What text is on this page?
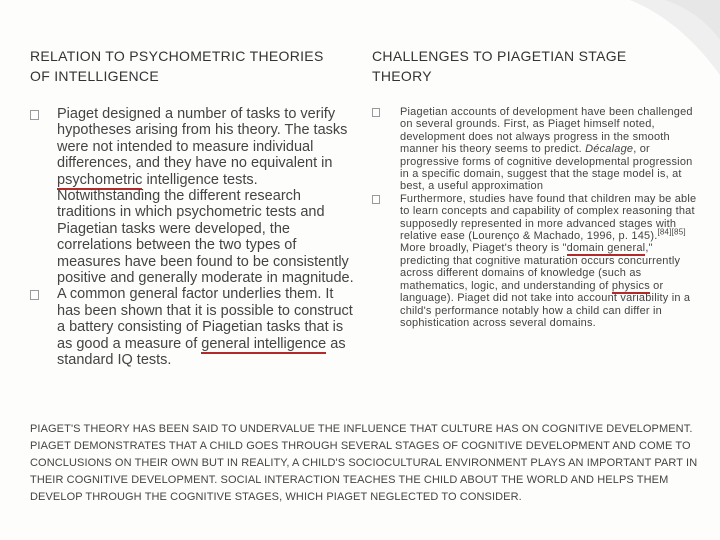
RELATION TO PSYCHOMETRIC THEORIES
OF INTELLIGENCE
Piaget designed a number of tasks to verify hypotheses arising from his theory. The tasks were not intended to measure individual differences, and they have no equivalent in psychometric intelligence tests. Notwithstanding the different research traditions in which psychometric tests and Piagetian tasks were developed, the correlations between the two types of measures have been found to be consistently positive and generally moderate in magnitude.
A common general factor underlies them. It has been shown that it is possible to construct a battery consisting of Piagetian tasks that is as good a measure of general intelligence as standard IQ tests.
CHALLENGES TO PIAGETIAN STAGE
THEORY
Piagetian accounts of development have been challenged on several grounds. First, as Piaget himself noted, development does not always progress in the smooth manner his theory seems to predict. Décalage, or progressive forms of cognitive developmental progression in a specific domain, suggest that the stage model is, at best, a useful approximation
Furthermore, studies have found that children may be able to learn concepts and capability of complex reasoning that supposedly represented in more advanced stages with relative ease (Lourenço & Machado, 1996, p. 145).[84][85] More broadly, Piaget's theory is "domain general," predicting that cognitive maturation occurs concurrently across different domains of knowledge (such as mathematics, logic, and understanding of physics or language). Piaget did not take into account variability in a child's performance notably how a child can differ in sophistication across several domains.
PIAGET'S THEORY HAS BEEN SAID TO UNDERVALUE THE INFLUENCE THAT CULTURE HAS ON COGNITIVE DEVELOPMENT. PIAGET DEMONSTRATES THAT A CHILD GOES THROUGH SEVERAL STAGES OF COGNITIVE DEVELOPMENT AND COME TO CONCLUSIONS ON THEIR OWN BUT IN REALITY, A CHILD'S SOCIOCULTURAL ENVIRONMENT PLAYS AN IMPORTANT PART IN THEIR COGNITIVE DEVELOPMENT. SOCIAL INTERACTION TEACHES THE CHILD ABOUT THE WORLD AND HELPS THEM DEVELOP THROUGH THE COGNITIVE STAGES, WHICH PIAGET NEGLECTED TO CONSIDER.
